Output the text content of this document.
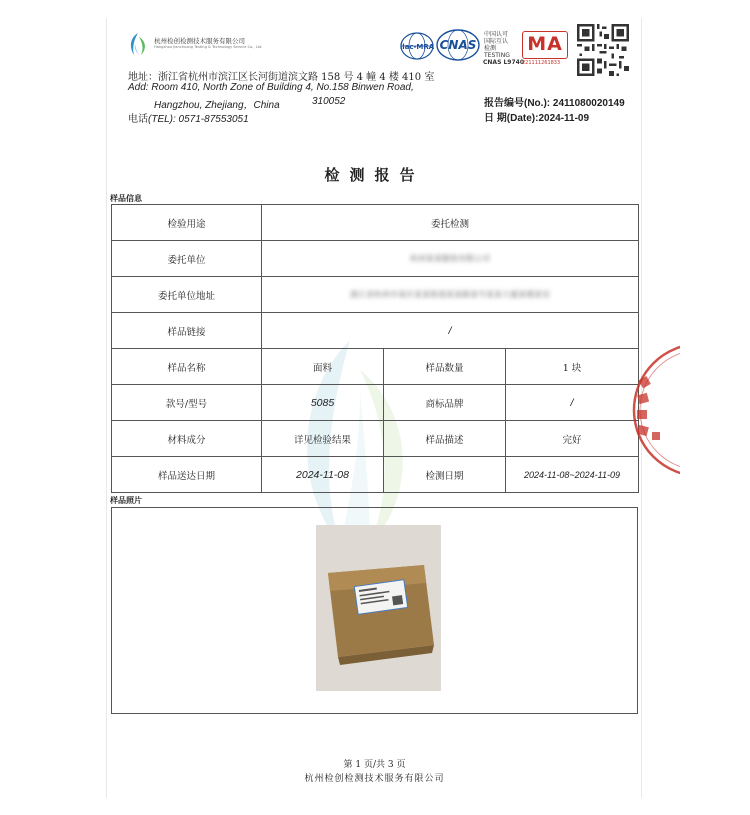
杭州检创检测技术服务有限公司
Hangzhou Jianchuang Testing & Technology Service Co., Ltd.	ilac-MRA CNAS
中国认可
国际互认
检测
TESTING
CNAS L9740
MA
221111261833
地址：浙江省杭州市滨江区长河街道滨文路 158 号 4 幢 4 楼 410 室
Add: Room 410, North Zone of Building 4, No.158 Binwen Road,
Hangzhou, Zhejiang，China	310052
电话(TEL): 0571-87553051
报告编号(No.): 2411080020149
日 期(Date):2024-11-09
检测报告
样品信息
检验用途	委托检测		
委托单位	杭州某某服装有限公司		
委托单位地址	浙江省杭州市某区某某街道某某路某号某某大厦某楼某室		
样品链接	/		
样品名称	面料	样品数量	1 块
款号/型号	5085	商标品牌	/
材料成分	详见检验结果	样品描述	完好
样品送达日期	2024-11-08	检测日期	2024-11-08~2024-11-09
样品照片
第 1 页/共 3 页
杭州检创检测技术服务有限公司
